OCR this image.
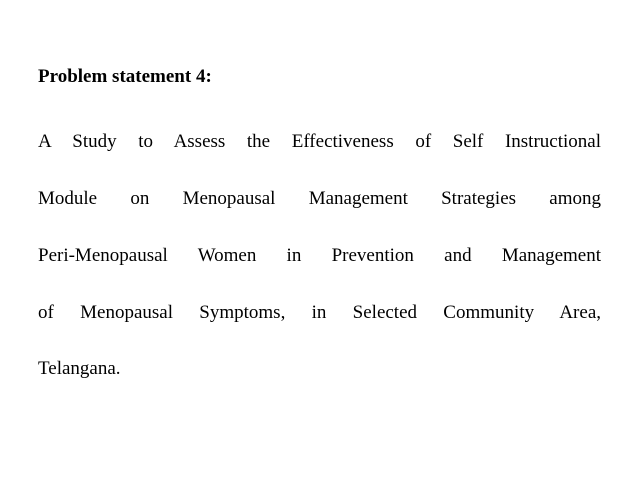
Problem statement 4:
A Study to Assess the Effectiveness of Self Instructional
Module on Menopausal Management Strategies among
Peri-Menopausal Women in Prevention and Management
of Menopausal Symptoms, in Selected Community Area,
Telangana.
